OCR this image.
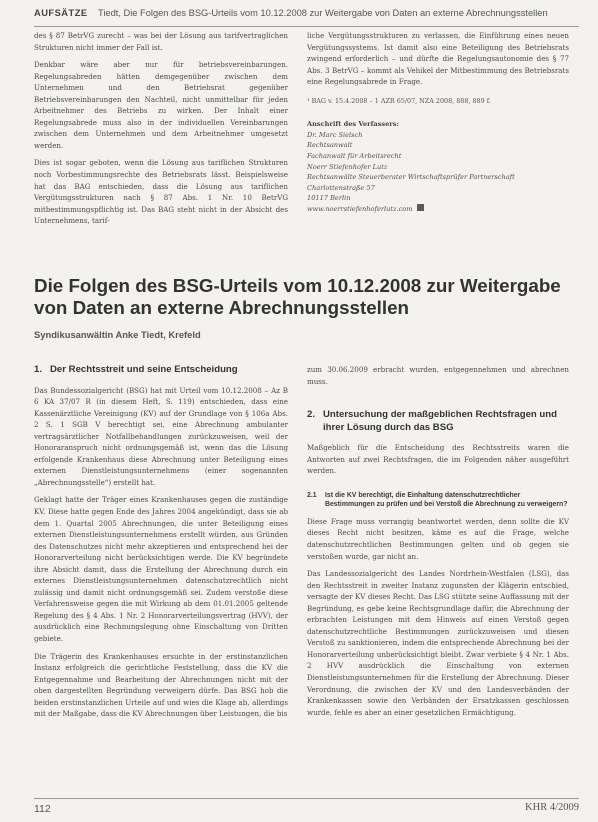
AUFSÄTZE Tiedt, Die Folgen des BSG-Urteils vom 10.12.2008 zur Weitergabe von Daten an externe Abrechnungsstellen

des § 87 BetrVG zurecht – was bei der Lösung aus tarifvertraglichen Strukturen nicht immer der Fall ist.

Denkbar wäre aber nur für betriebsvereinbarungen. Regelungsabreden hätten demgegenüber zwischen dem Unternehmen und den Betriebsrat gegenüber Betriebsvereinbarungen den Nachteil, nicht unmittelbar für jeden Arbeitnehmer des Betriebs zu wirken. Der Inhalt einer Regelungsabrede muss also in der individuellen Vereinbarungen zwischen dem Unternehmen und dem Arbeitnehmer umgesetzt werden.

Dies ist sogar geboten, wenn die Lösung aus tariflichen Strukturen noch Vorbestimmungsrechte des Betriebsrats lässt. Beispielsweise hat das BAG entschieden, dass die Lösung aus tariflichen Vergütungsstrukturen nach § 87 Abs. 1 Nr. 10 BetrVG mitbestimmungspflichtig ist. Das BAG steht nicht in der Absicht des Unternehmens, tarif-

liche Vergütungsstrukturen zu verlassen, die Einführung eines neuen Vergütungssystems. Ist damit also eine Beteiligung des Betriebsrats zwingend erforderlich – und dürfte die Regelungsautonomie des § 77 Abs. 3 BetrVG – kommt als Vehikel der Mitbestimmung des Betriebsrats eine Regelungsabrede in Frage.

¹ BAG v. 15.4.2008 – 1 AZR 65/07, NZA 2008, 888, 889 f.
Anschrift des Verfassers:
Dr. Marc Sielsch
Rechtsanwalt
Fachanwalt für Arbeitsrecht
Noerr Stiefenhofer Lutz
Rechtsanwälte Steuerberater Wirtschaftsprüfer Partnerschaft
Charlottenstraße 57
10117 Berlin
www.noerrstiefenhoferlutz.com
Die Folgen des BSG-Urteils vom 10.12.2008 zur Weitergabe von Daten an externe Abrechnungsstellen
Syndikusanwältin Anke Tiedt, Krefeld
1. Der Rechtsstreit und seine Entscheidung

Das Bundessozialgericht (BSG) hat mit Urteil vom 10.12.2008 – Az B 6 KA 37/07 R (in diesem Heft, S. 119) entschieden, dass eine Kassenärztliche Vereinigung (KV) auf der Grundlage von § 106a Abs. 2 S. 1 SGB V berechtigt sei, eine Abrechnung ambulanter vertragsärztlicher Notfallbehandlungen zurückzuweisen, weil der Honoraranspruch nicht ordnungsgemäß ist, wenn das die Lösung erfolgende Krankenhaus diese Abrechnung unter Beteiligung eines externen Dienstleistungsunternehmens (einer sogenannten „Abrechnungsstelle“) erstellt hat.

Geklagt hatte der Träger eines Krankenhauses gegen die zuständige KV. Diese hatte gegen Ende des Jahres 2004 angekündigt, dass sie ab dem 1. Quartal 2005 Abrechnungen, die unter Beteiligung eines externen Dienstleistungsunternehmens erstellt würden, aus Gründen des Datenschutzes nicht mehr akzeptieren und entsprechend bei der Honorarverteilung nicht berücksichtigen werde. Die KV begründete ihre Absicht damit, dass die Erstellung der Abrechnung durch ein externes Dienstleistungsunternehmen datenschutzrechtlich nicht zulässig und damit nicht ordnungsgemäß sei. Zudem verstoße diese Verfahrensweise gegen die mit Wirkung ab dem 01.01.2005 geltende Regelung des § 4 Abs. 1 Nr. 2 Honorarverteilungsvertrag (HVV), der ausdrücklich eine Rechnungslegung ohne Einschaltung von Dritten gebiete.

Die Trägerin des Krankenhauses ersuchte in der erstinstanzlichen Instanz erfolgreich die gerichtliche Feststellung, dass die KV die Entgegennahme und Bearbeitung der Abrechnungen nicht mit der oben dargestellten Begründung verweigern dürfe. Das BSG hob die beiden erstinstanzlichen Urteile auf und wies die Klage ab, allerdings mit der Maßgabe, dass die KV Abrechnungen über Leistungen, die bis

zum 30.06.2009 erbracht wurden, entgegennehmen und abrechnen muss.

2. Untersuchung der maßgeblichen Rechtsfragen und ihrer Lösung durch das BSG

Maßgeblich für die Entscheidung des Rechtsstreits waren die Antworten auf zwei Rechtsfragen, die im Folgenden näher ausgeführt werden.

2.1	Ist die KV berechtigt, die Einhaltung datenschutzrechtlicher Bestimmungen zu prüfen und bei Verstoß die Abrechnung zu verweigern?

Diese Frage muss vorrangig beantwortet werden, denn sollte die KV dieses Recht nicht besitzen, käme es auf die Frage, welche datenschutzrechtlichen Bestimmungen gelten und ob gegen sie verstoßen wurde, gar nicht an.

Das Landessozialgericht des Landes Nordrhein-Westfalen (LSG), das den Rechtsstreit in zweiter Instanz zugunsten der Klägerin entschied, versagte der KV dieses Recht. Das LSG stützte seine Auffassung mit der Begründung, es gebe keine Rechtsgrundlage dafür, die Abrechnung der erbrachten Leistungen mit dem Hinweis auf einen Verstoß gegen datenschutzrechtliche Bestimmungen zurückzuweisen und diesen Verstoß zu sanktionieren, indem die entsprechende Abrechnung bei der Honorarverteilung unberücksichtigt bleibt. Zwar verbiete § 4 Nr. 1 Abs. 2 HVV ausdrücklich die Einschaltung von externen Dienstleistungsunternehmen für die Erstellung der Abrechnung. Dieser Verordnung, die zwischen der KV und den Landesverbänden der Krankenkassen sowie den Verbänden der Ersatzkassen geschlossen wurde, fehle es aber an einer gesetzlichen Ermächtigung.

112	KHR 4/2009
